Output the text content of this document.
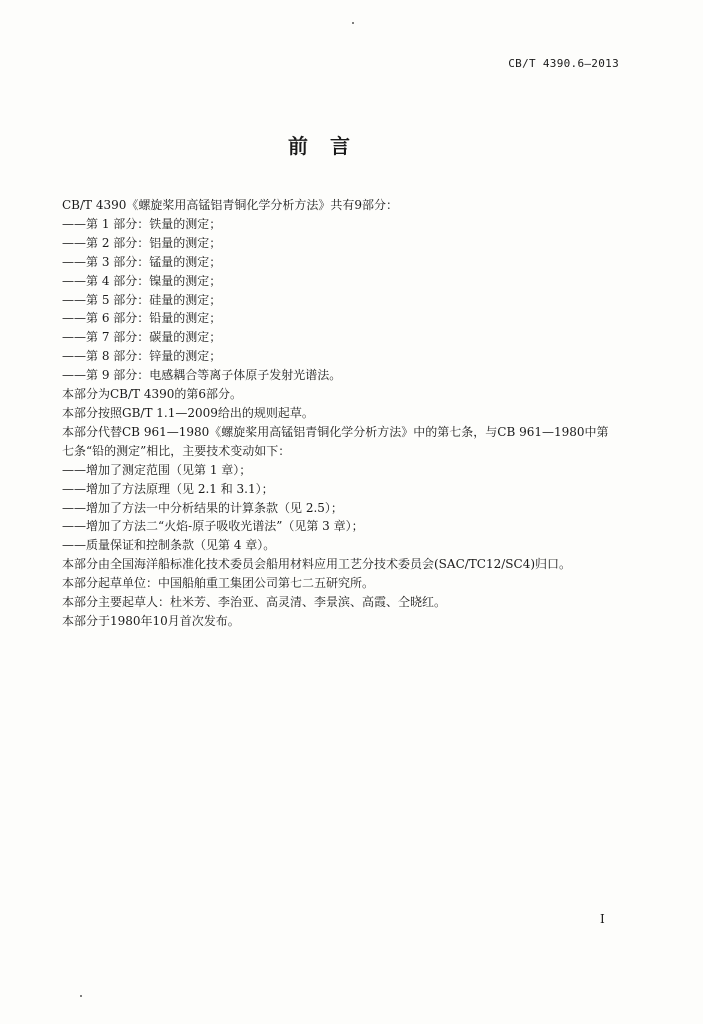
CB/T 4390.6—2013
前言
CB/T 4390《螺旋桨用高锰铝青铜化学分析方法》共有9部分：
——第 1 部分：铁量的测定；
——第 2 部分：铝量的测定；
——第 3 部分：锰量的测定；
——第 4 部分：镍量的测定；
——第 5 部分：硅量的测定；
——第 6 部分：铅量的测定；
——第 7 部分：碳量的测定；
——第 8 部分：锌量的测定；
——第 9 部分：电感耦合等离子体原子发射光谱法。
本部分为CB/T 4390的第6部分。
本部分按照GB/T 1.1—2009给出的规则起草。
本部分代替CB 961—1980《螺旋桨用高锰铝青铜化学分析方法》中的第七条，与CB 961—1980中第
七条“铅的测定”相比，主要技术变动如下：
——增加了测定范围（见第 1 章）；
——增加了方法原理（见 2.1 和 3.1）；
——增加了方法一中分析结果的计算条款（见 2.5）；
——增加了方法二“火焰-原子吸收光谱法”（见第 3 章）；
——质量保证和控制条款（见第 4 章）。
本部分由全国海洋船标准化技术委员会船用材料应用工艺分技术委员会(SAC/TC12/SC4)归口。
本部分起草单位：中国船舶重工集团公司第七二五研究所。
本部分主要起草人：杜米芳、李治亚、高灵清、李景滨、高霞、仝晓红。
本部分于1980年10月首次发布。
I
